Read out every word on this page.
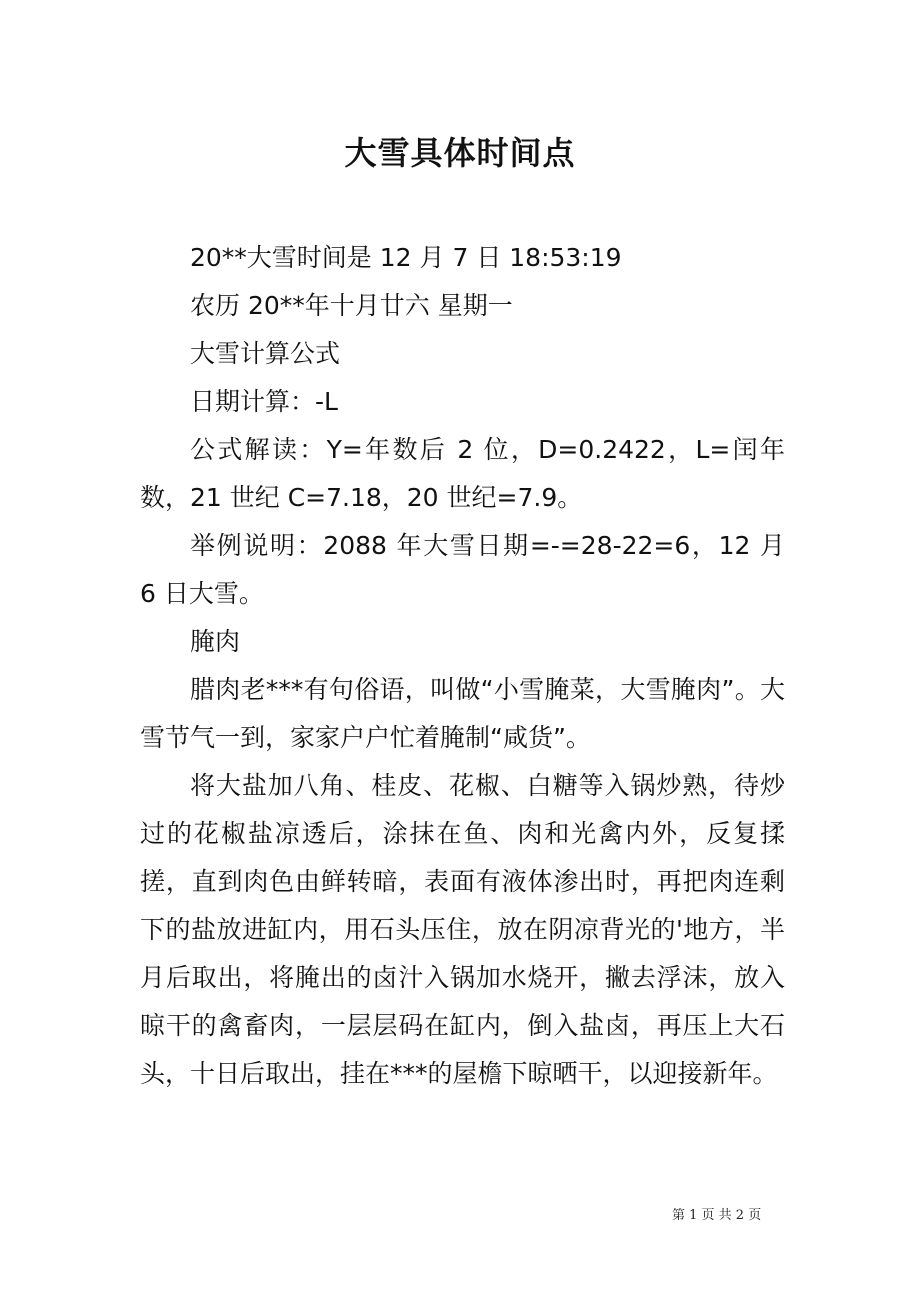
大雪具体时间点

20**大雪时间是 12 月 7 日 18:53:19

农历 20**年十月廿六 星期一

大雪计算公式

日期计算：-L

公式解读：Y=年数后 2 位，D=0.2422，L=闰年数，21 世纪 C=7.18，20 世纪=7.9。

举例说明：2088 年大雪日期=-=28-22=6，12 月 6 日大雪。

腌肉

腊肉老***有句俗语，叫做“小雪腌菜，大雪腌肉”。大雪节气一到，家家户户忙着腌制“咸货”。

将大盐加八角、桂皮、花椒、白糖等入锅炒熟，待炒过的花椒盐凉透后，涂抹在鱼、肉和光禽内外，反复揉搓，直到肉色由鲜转暗，表面有液体渗出时，再把肉连剩下的盐放进缸内，用石头压住，放在阴凉背光的'地方，半月后取出，将腌出的卤汁入锅加水烧开，撇去浮沫，放入晾干的禽畜肉，一层层码在缸内，倒入盐卤，再压上大石头，十日后取出，挂在***的屋檐下晾晒干，以迎接新年。

第 1 页 共 2 页
